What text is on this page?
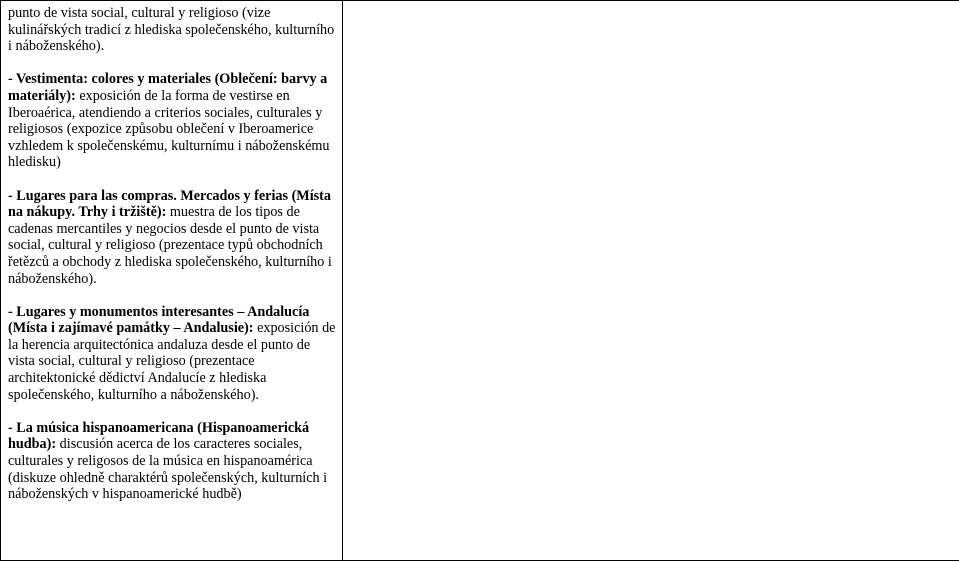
punto de vista social, cultural y religioso (vize kulinářských tradicí z hlediska společenského, kulturního i náboženského).

- Vestimenta: colores y materiales (Oblečení: barvy a materiály): exposición de la forma de vestirse en Iberoaérica, atendiendo a criterios sociales, culturales y religiosos (expozice způsobu oblečení v Iberoamerice vzhledem k společenskému, kulturnímu i náboženskému hledisku)

- Lugares para las compras. Mercados y ferias (Místa na nákupy. Trhy i tržiště): muestra de los tipos de cadenas mercantiles y negocios desde el punto de vista social, cultural y religioso (prezentace typů obchodních řetězců a obchody z hlediska společenského, kulturního i náboženského).

- Lugares y monumentos interesantes – Andalucía (Místa i zajímavé památky – Andalusie): exposición de la herencia arquitectónica andaluza desde el punto de vista social, cultural y religioso (prezentace architektonické dědictví Andalucíe z hlediska společenského, kulturního a náboženského).

- La música hispanoamericana (Hispanoamerická hudba): discusión acerca de los caracteres sociales, culturales y religosos de la música en hispanoamérica (diskuze ohledně charaktérů společenských, kulturních i náboženských v hispanoamerické hudbě)
